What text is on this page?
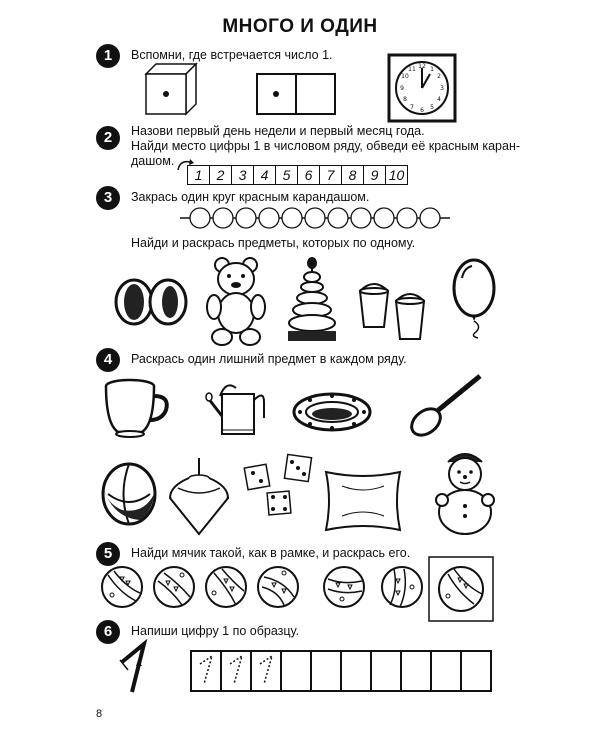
МНОГО И ОДИН
1	Вспомни, где встречается число 1.
12 1
2
3
4
5
6
7
8
9
10
11
2	Назови первый день недели и первый месяц года.
Найди место цифры 1 в числовом ряду, обведи её красным каран-
дашом.
1	2	3	4	5	6	7	8	9 10
3	Закрась один круг красным карандашом.
Найди и раскрась предметы, которых по одному.
4	Раскрась один лишний предмет в каждом ряду.
5	Найди мячик такой, как в рамке, и раскрась его.
6	Напиши цифру 1 по образцу.
8
